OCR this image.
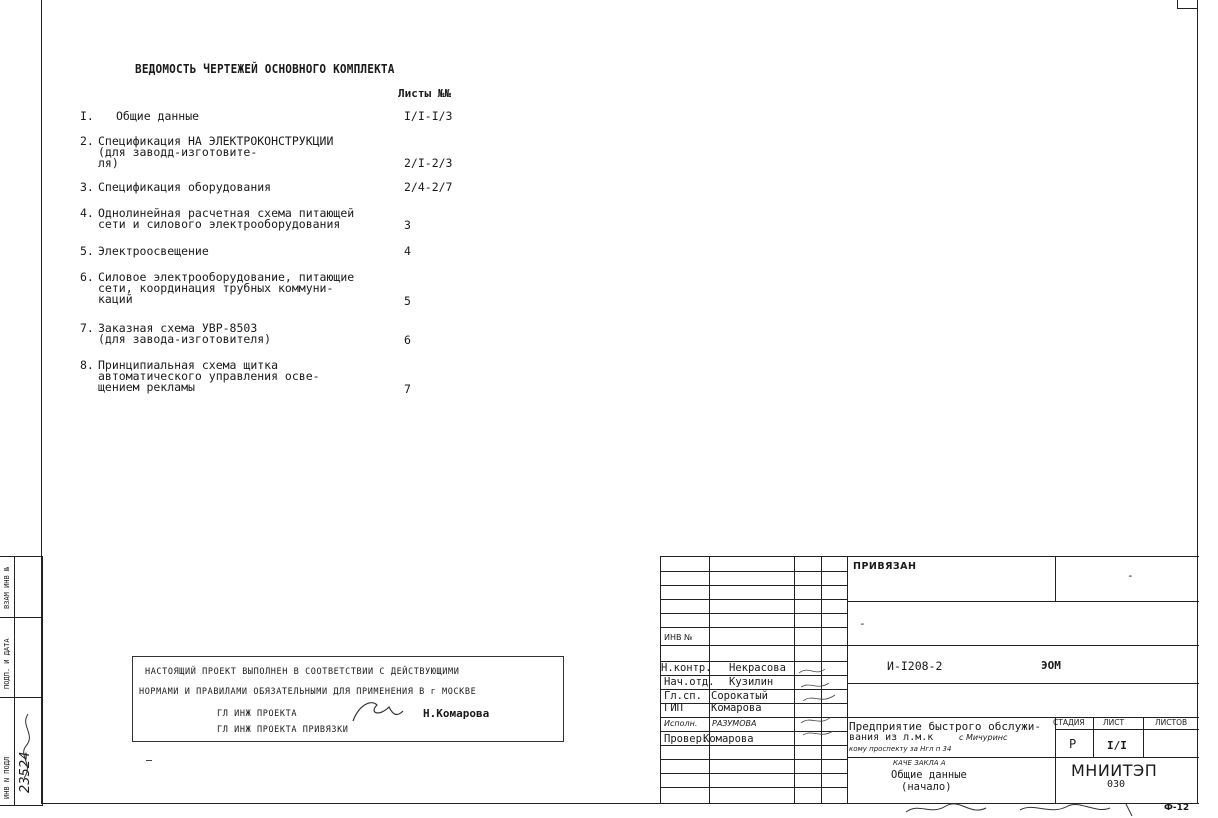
ВЕДОМОСТЬ ЧЕРТЕЖЕЙ ОСНОВНОГО КОМПЛЕКТА
Листы №№
I. Общие данные	I/I-I/3
2. Спецификация НА ЭЛЕКТРОКОНСТРУКЦИИ
(для заводд-изготовите-
ля)	2/I-2/3
3. Спецификация оборудования	2/4-2/7
4. Однолинейная расчетная схема питающей
сети и силового электрооборудования	3
5. Электроосвещение	4
6. Силовое электрооборудование, питающие
сети, координация трубных коммуни-
каций	5
7. Заказная схема УВР-8503
(для завода-изготовителя)	6
8. Принципиальная схема щитка
автоматического управления осве-
щением рекламы	7
ВЗАМ ИНВ №
ПОДП. И ДАТА
ИНВ N ПОДЛ 23524
НАСТОЯЩИЙ ПРОЕКТ ВЫПОЛНЕН В СООТВЕТСТВИИ С ДЕЙСТВУЮЩИМИ
НОРМАМИ И ПРАВИЛАМИ ОБЯЗАТЕЛЬНЫМИ ДЛЯ ПРИМЕНЕНИЯ В г МОСКВЕ
ГЛ ИНЖ ПРОЕКТА	Н.Комарова
ГЛ ИНЖ ПРОЕКТА ПРИВЯЗКИ
ПРИВЯЗАН
-
-
ИНВ №
И-I208-2	ЭОМ
Н.контр. Некрасова
Нач.отд. Кузилин
Гл.сп. Сорокатый
ГИП	Комарова
Исполн. РАЗУМОВА
Провер.
Комарова
Предприятие быстрого обслужи-
вания из л.м.к	с Мичуринс
кому проспекту за Нгл п 34
КАЧЕ ЗАКЛА А
Общие данные
(начало)
СТАДИЯ ЛИСТ	ЛИСТОВ
Р	I/I
МНИИТЭП
030
Ф-12
